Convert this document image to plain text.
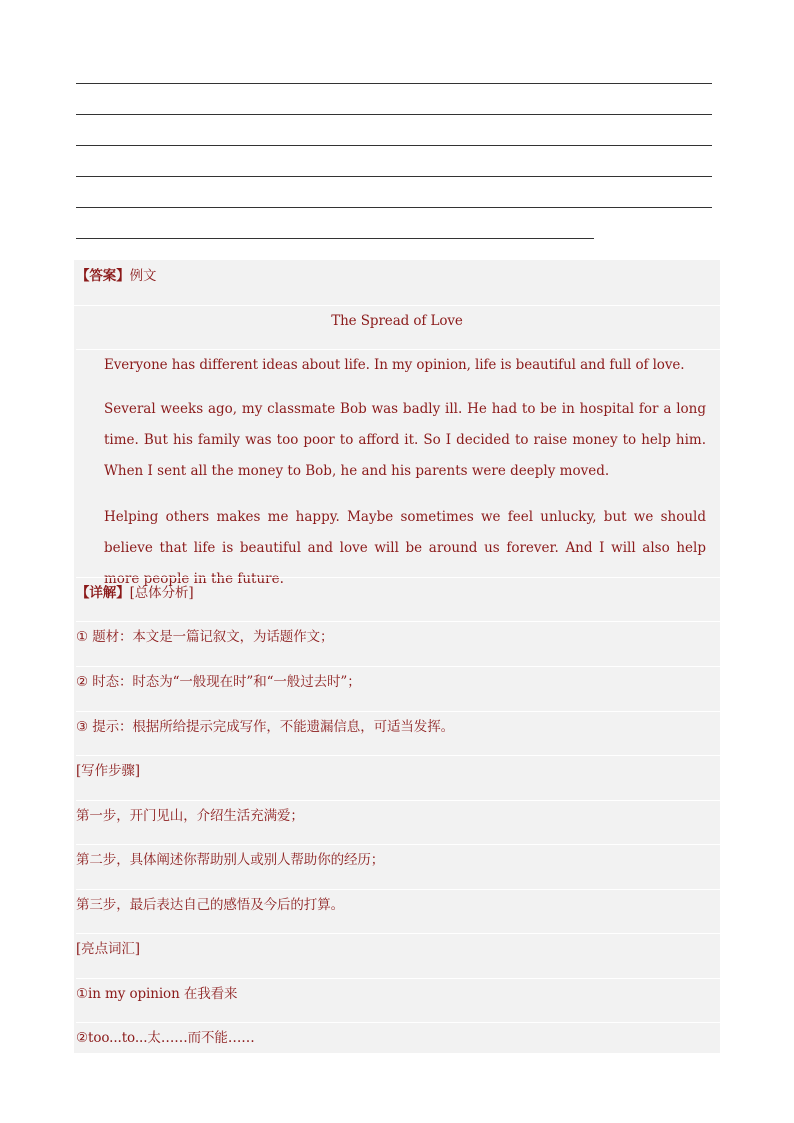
【答案】例文
The Spread of Love
Everyone has different ideas about life. In my opinion, life is beautiful and full of love.
Several weeks ago, my classmate Bob was badly ill. He had to be in hospital for a long time. But his family was too poor to afford it. So I decided to raise money to help him. When I sent all the money to Bob, he and his parents were deeply moved.
Helping others makes me happy. Maybe sometimes we feel unlucky, but we should believe that life is beautiful and love will be around us forever. And I will also help more people in the future.
【详解】[总体分析]
① 题材：本文是一篇记叙文，为话题作文；
② 时态：时态为“一般现在时”和“一般过去时”；
③ 提示：根据所给提示完成写作，不能遗漏信息，可适当发挥。
[写作步骤]
第一步，开门见山，介绍生活充满爱；
第二步，具体阐述你帮助别人或别人帮助你的经历；
第三步，最后表达自己的感悟及今后的打算。
[亮点词汇]
①in my opinion 在我看来
②too...to...太……而不能……
